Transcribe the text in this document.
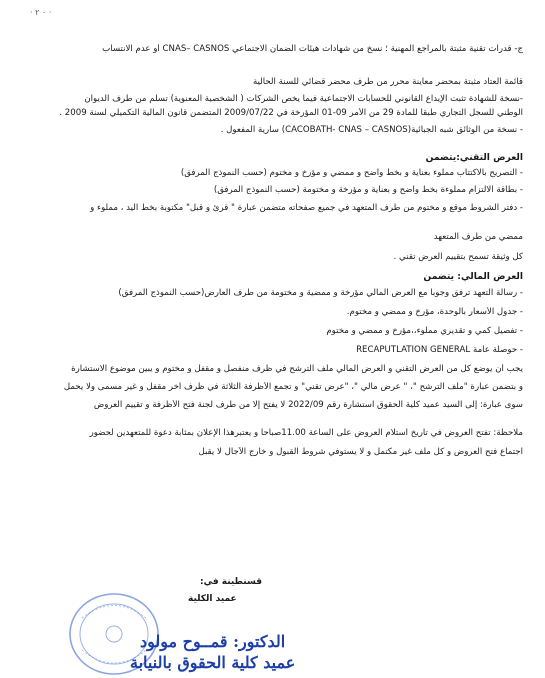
· ٠ ٢ ·
ج- قدرات تقنية مثبتة بالمراجع المهنية ؛ نسخ من شهادات هيئات الضمان الاجتماعي CNAS– CASNOS أو عدم الانتساب
قائمة العتاد مثبتة بمحضر معاينة محرر من طرف محضر قضائي للسنة الحالية
-نسخة للشهادة تثبت الإيداع القانوني للحسابات الاجتماعية فيما يخص الشركات ( الشخصية المعنوية) تسلم من طرف الديوان
الوطني للسجل التجاري طبقا للمادة 29 من الأمر 09-01 المؤرخة في 2009/07/22 المتضمن قانون المالية التكميلي لسنة 2009 .
- نسخة من الوثائق شبه الجبائية(CACOBATH- CNAS – CASNOS) سارية المفعول .
العرض التقني:يتضمن
- التصريح بالاكتتاب مملوء بعناية و بخط واضح و ممضي و مؤرخ و مختوم (حسب النموذج المرفق)
- بطاقة الالتزام مملوءة بخط واضح و بعناية و مؤرخة و مختومة (حسب النموذج المرفق)
- دفتر الشروط موقع و مختوم من طرف المتعهد في جميع صفحاته متضمن عبارة " قرئ و قبل" مكتوبة بخط اليد ، مملوء و
ممضي من طرف المتعهد
كل وثيقة تسمح بتقييم العرض تقني .
العرض المالي: يتضمن
- رسالة التعهد ترفق وجوبا مع العرض المالي مؤرخة و ممضية و مختومة من طرف العارض(حسب النموذج المرفق)
- جدول الأسعار بالوحدة، مؤرخ و ممضي و مختوم.
- تفصيل كمي و تقديري مملوء،،مؤرخ و ممضي و مختوم
- حوصلة عامة RECAPUTLATION GENERAL
يجب أن يوضع كل من العرض التقني و العرض المالي ملف الترشح في ظرف منفصل و مقفل و مختوم و يبين موضوع الاستشارة
و بتضمن عبارة "ملف الترشح "، " عرض مالي "، "عرض تقني" و تجمع الأظرفة الثلاثة في ظرف آخر مقفل و غير مسمى ولا يحمل
سوى عبارة: إلى السيد عميد كلية الحقوق استشارة رقم 2022/09 لا يفتح إلا من طرف لجنة فتح الأظرفة و تقييم العروض
ملاحظة: تفتح العروض في تاريخ استلام العروض على الساعة 11.00صباحا و يعتبرهذا الإعلان بمثابة دعوة للمتعهدين لحضور
اجتماع فتح العروض و كل ملف غير مكتمل و لا يستوفي شروط القبول و خارج الآجال لا يقبل
قسنطينة في:
عميد الكلية
الدكتور: قمــوح مولود
عميد كلية الحقوق بالنيابة
